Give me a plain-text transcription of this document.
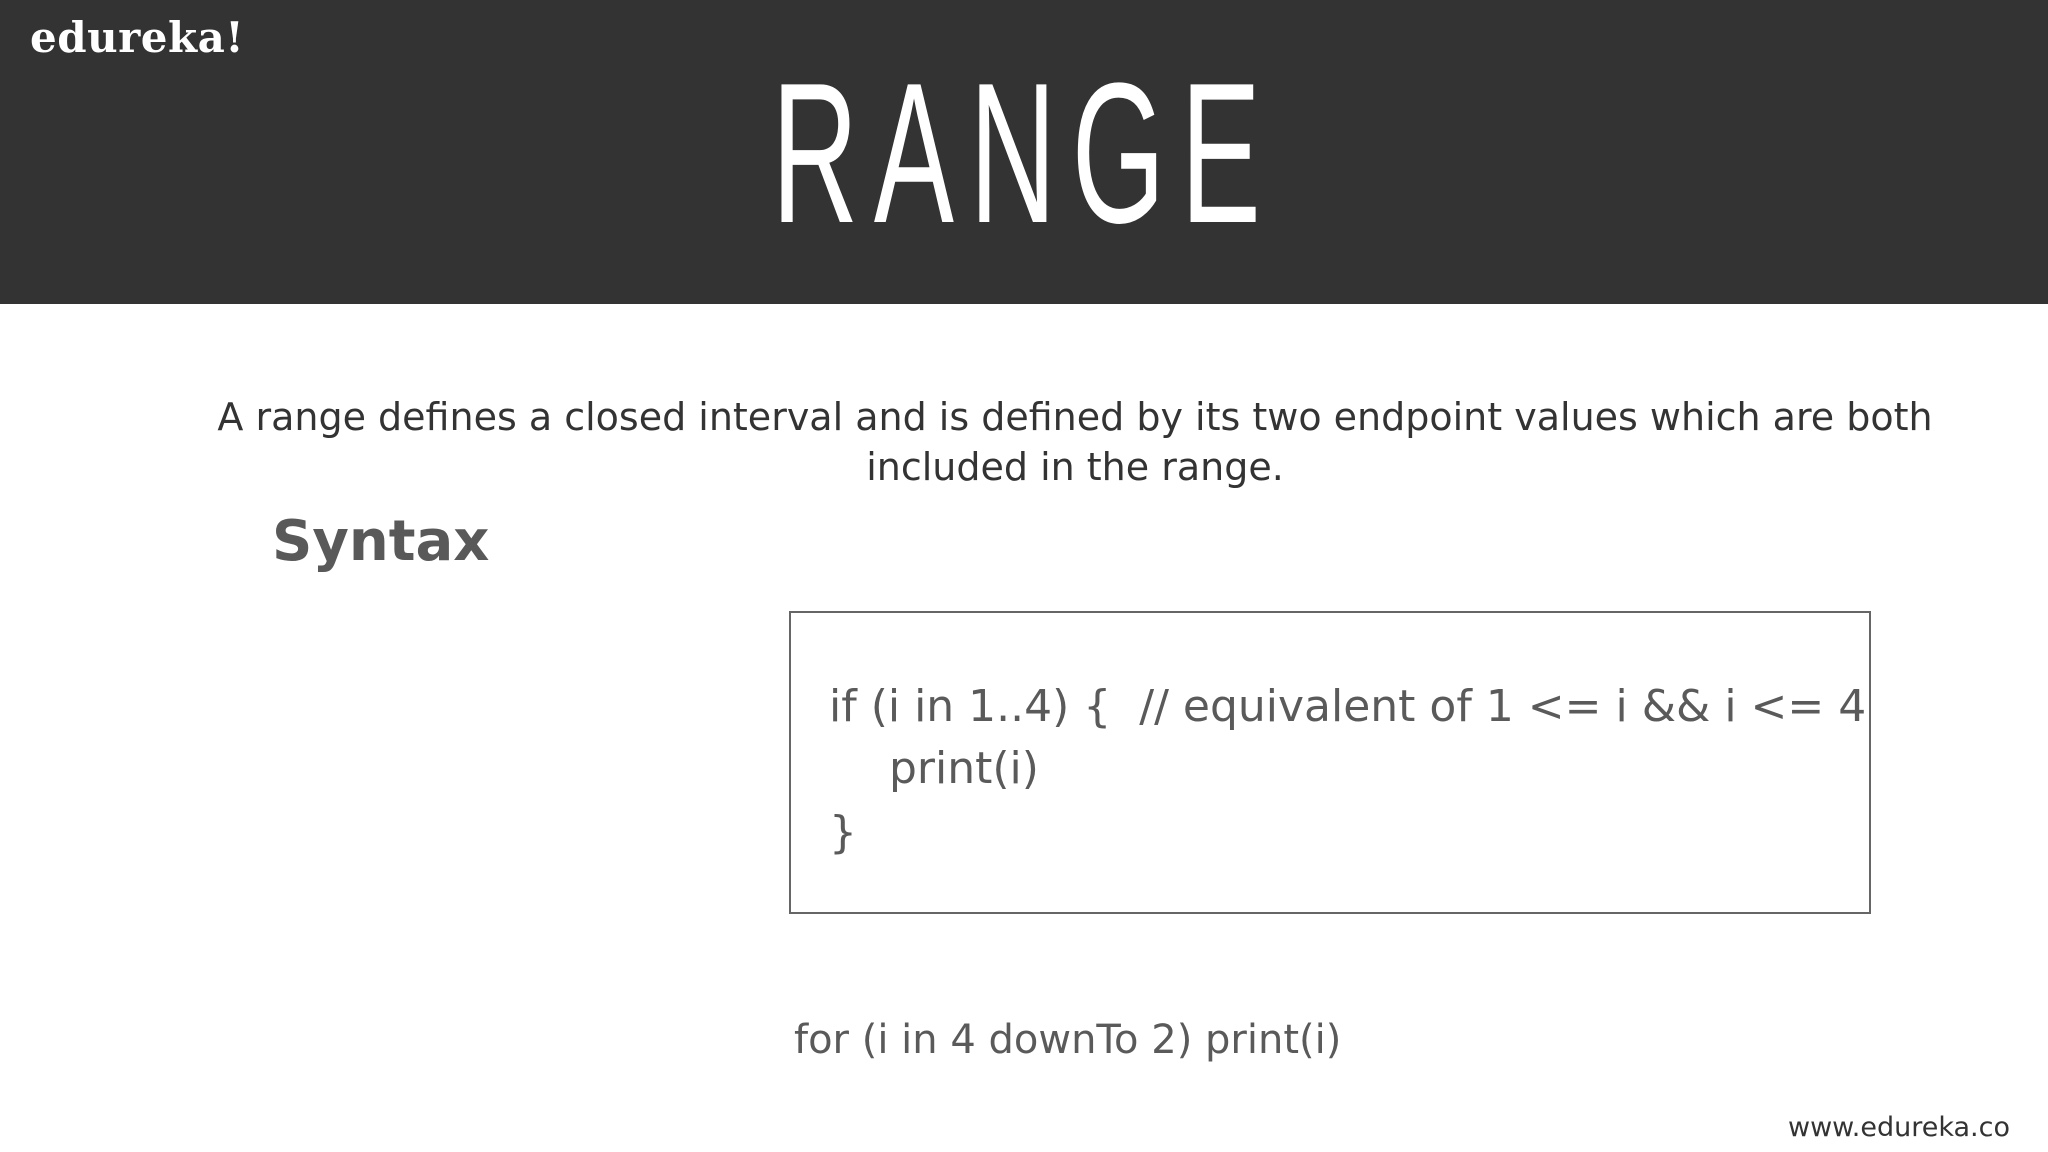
edureka!
RANGE
A range defines a closed interval and is defined by its two endpoint values which are both included in the range.
Syntax
if (i in 1..4) {  // equivalent of 1 <= i && i <= 4
print(i)
}
for (i in 4 downTo 2) print(i)
www.edureka.co
